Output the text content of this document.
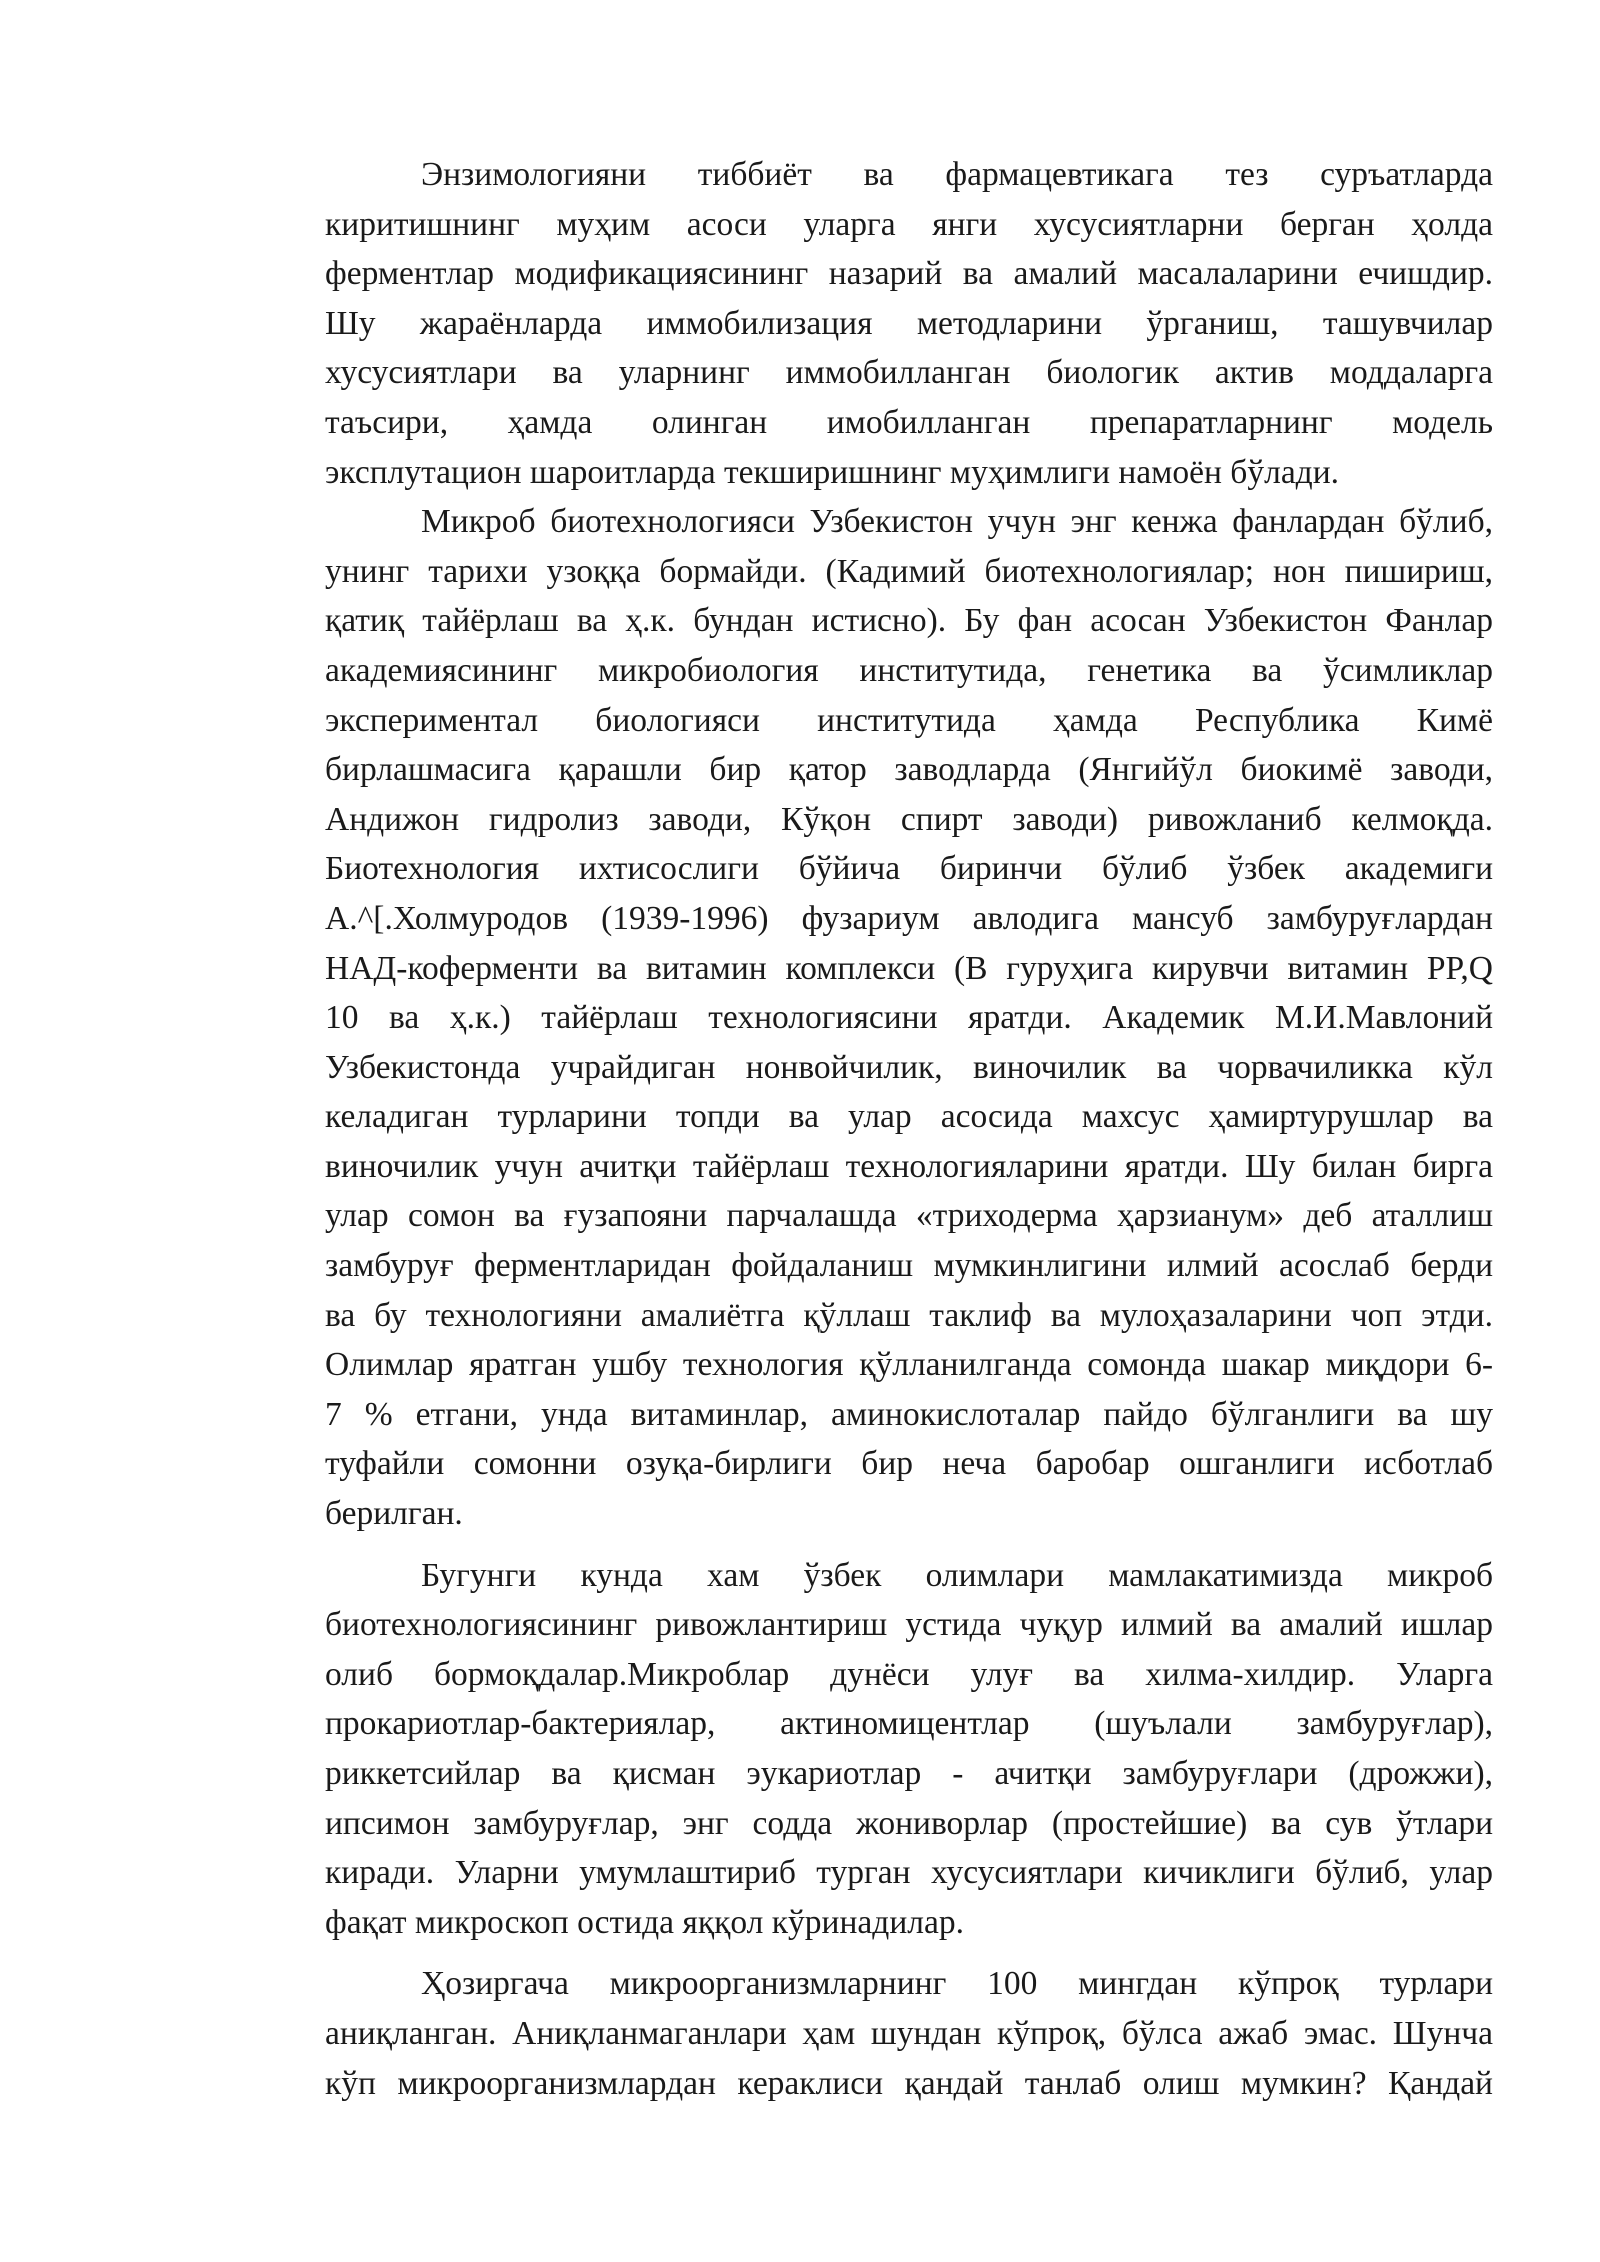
Энзимологияни тиббиёт ва фармацевтикага тез суръатларда
киритишнинг муҳим асоси уларга янги хусусиятларни берган ҳолда
ферментлар модификациясининг назарий ва амалий масалаларини ечишдир.
Шу жараёнларда иммобилизация методларини ўрганиш, ташувчилар
хусусиятлари ва уларнинг иммобилланган биологик актив моддаларга
таъсири, ҳамда олинган имобилланган препаратларнинг модель
эксплутацион шароитларда текширишнинг муҳимлиги намоён бўлади.
Микроб биотехнологияси Узбекистон учун энг кенжа фанлардан бўлиб,
унинг тарихи узоққа бормайди. (Кадимий биотехнологиялар; нон пишириш,
қатиқ тайёрлаш ва ҳ.к. бундан истисно). Бу фан асосан Узбекистон Фанлар
академиясининг микробиология институтида, генетика ва ўсимликлар
экспериментал биологияси институтида ҳамда Республика Кимё
бирлашмасига қарашли бир қатор заводларда (Янгийўл биокимё заводи,
Андижон гидролиз заводи, Кўқон спирт заводи) ривожланиб келмоқда.
Биотехнология ихтисослиги бўйича биринчи бўлиб ўзбек академиги
А.^[.Холмуродов (1939-1996) фузариум авлодига мансуб замбуруғлардан
НАД-коферменти ва витамин комплекси (В гуруҳига кирувчи витамин PP,Q
10 ва ҳ.к.) тайёрлаш технологиясини яратди. Академик М.И.Мавлоний
Узбекистонда учрайдиган нонвойчилик, виночилик ва чорвачиликка кўл
келадиган турларини топди ва улар асосида махсус ҳамиртурушлар ва
виночилик учун ачитқи тайёрлаш технологияларини яратди. Шу билан бирга
улар сомон ва ғузапояни парчалашда «триходерма ҳарзианум» деб аталлиш
замбуруғ ферментларидан фойдаланиш мумкинлигини илмий асослаб берди
ва бу технологияни амалиётга қўллаш таклиф ва мулоҳазаларини чоп этди.
Олимлар яратган ушбу технология қўлланилганда сомонда шакар миқдори 6-
7 % етгани, унда витаминлар, аминокислоталар пайдо бўлганлиги ва шу
туфайли сомонни озуқа-бирлиги бир неча баробар ошганлиги исботлаб
берилган.
Бугунги кунда хам ўзбек олимлари мамлакатимизда микроб
биотехнологиясининг ривожлантириш устида чуқур илмий ва амалий ишлар
олиб бормоқдалар.Микроблар дунёси улуғ ва хилма-хилдир. Уларга
прокариотлар-бактериялар, актиномицентлар (шуълали замбуруғлар),
риккетсийлар ва қисман эукариотлар - ачитқи замбуруғлари (дрожжи),
ипсимон замбуруғлар, энг содда жониворлар (простейшие) ва сув ўтлари
киради. Уларни умумлаштириб турган хусусиятлари кичиклиги бўлиб, улар
фақат микроскоп остида яққол кўринадилар.
Ҳозиргача микроорганизмларнинг 100 мингдан кўпроқ турлари
аниқланган. Аниқланмаганлари ҳам шундан кўпроқ, бўлса ажаб эмас. Шунча
кўп микроорганизмлардан кераклиси қандай танлаб олиш мумкин? Қандай
